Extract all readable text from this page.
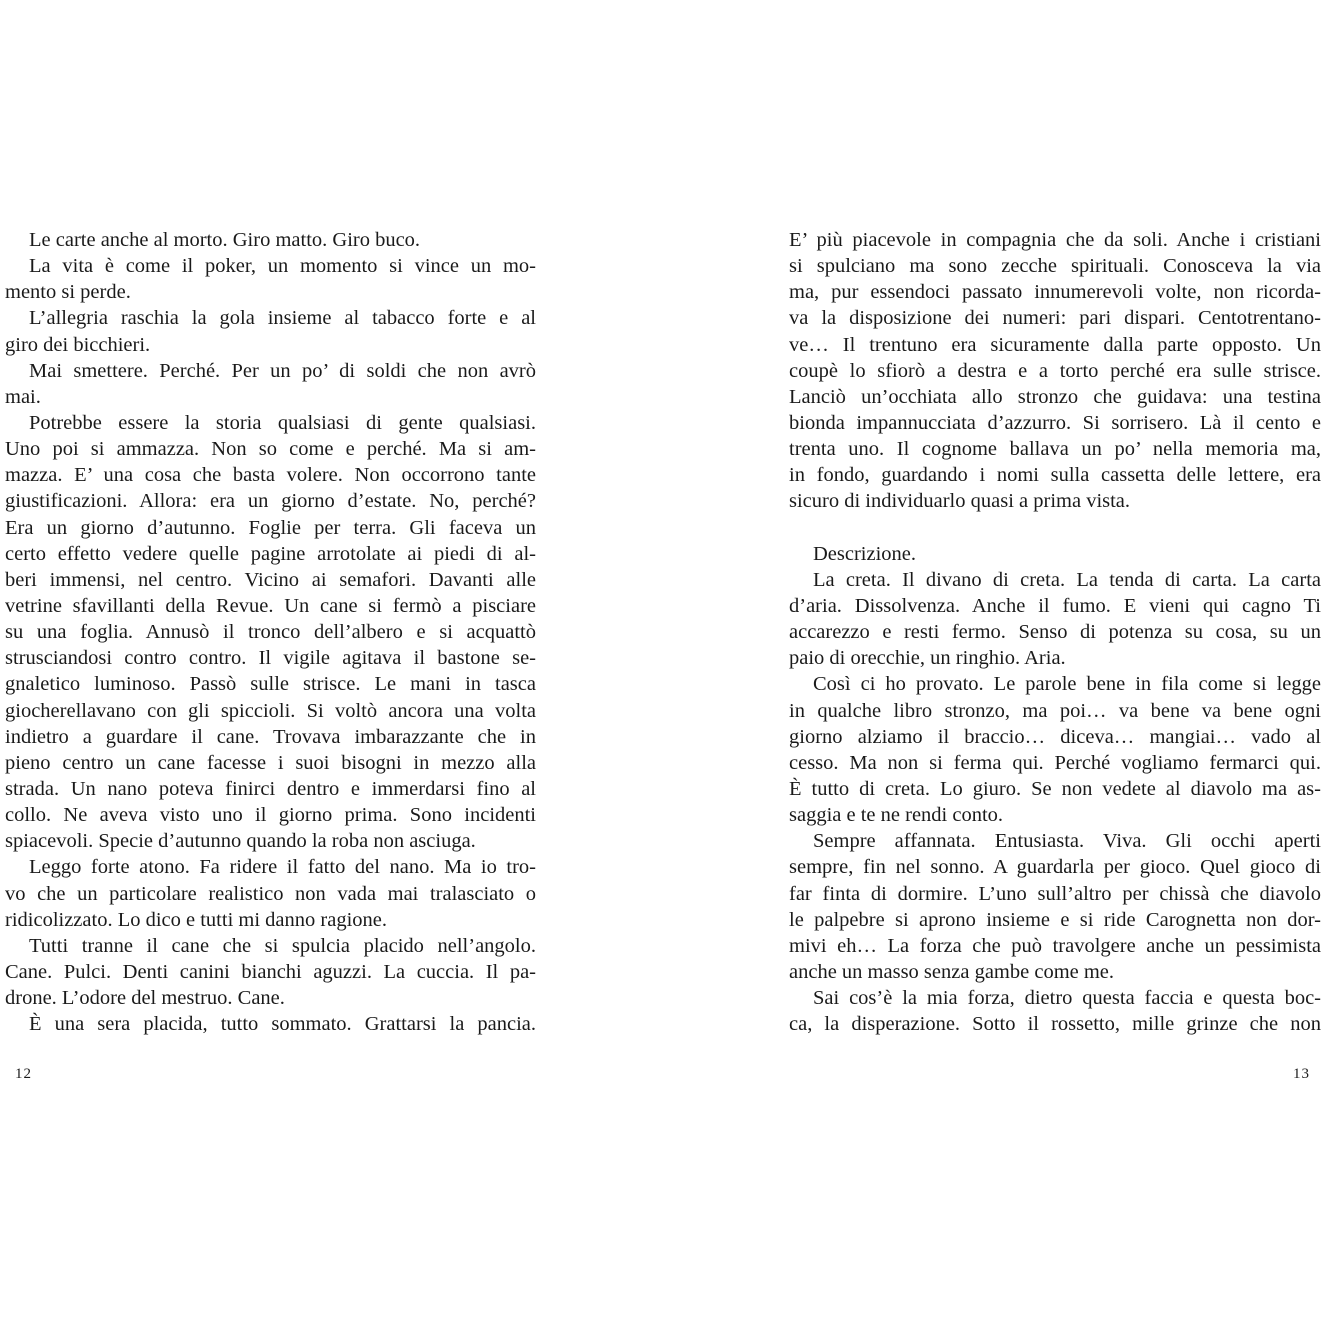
Le carte anche al morto. Giro matto. Giro buco.
La vita è come il poker, un momento si vince un mo-
mento si perde.
L’allegria raschia la gola insieme al tabacco forte e al
giro dei bicchieri.
Mai smettere. Perché. Per un po’ di soldi che non avrò
mai.
Potrebbe essere la storia qualsiasi di gente qualsiasi.
Uno poi si ammazza. Non so come e perché. Ma si am-
mazza. E’ una cosa che basta volere. Non occorrono tante
giustificazioni. Allora: era un giorno d’estate. No, perché?
Era un giorno d’autunno. Foglie per terra. Gli faceva un
certo effetto vedere quelle pagine arrotolate ai piedi di al-
beri immensi, nel centro. Vicino ai semafori. Davanti alle
vetrine sfavillanti della Revue. Un cane si fermò a pisciare
su una foglia. Annusò il tronco dell’albero e si acquattò
strusciandosi contro contro. Il vigile agitava il bastone se-
gnaletico luminoso. Passò sulle strisce. Le mani in tasca
giocherellavano con gli spiccioli. Si voltò ancora una volta
indietro a guardare il cane. Trovava imbarazzante che in
pieno centro un cane facesse i suoi bisogni in mezzo alla
strada. Un nano poteva finirci dentro e immerdarsi fino al
collo. Ne aveva visto uno il giorno prima. Sono incidenti
spiacevoli. Specie d’autunno quando la roba non asciuga.
Leggo forte atono. Fa ridere il fatto del nano. Ma io tro-
vo che un particolare realistico non vada mai tralasciato o
ridicolizzato. Lo dico e tutti mi danno ragione.
Tutti tranne il cane che si spulcia placido nell’angolo.
Cane. Pulci. Denti canini bianchi aguzzi. La cuccia. Il pa-
drone. L’odore del mestruo. Cane.
È una sera placida, tutto sommato. Grattarsi la pancia.
E’ più piacevole in compagnia che da soli. Anche i cristiani
si spulciano ma sono zecche spirituali. Conosceva la via
ma, pur essendoci passato innumerevoli volte, non ricorda-
va la disposizione dei numeri: pari dispari. Centotrentano-
ve… Il trentuno era sicuramente dalla parte opposto. Un
coupè lo sfiorò a destra e a torto perché era sulle strisce.
Lanciò un’occhiata allo stronzo che guidava: una testina
bionda impannucciata d’azzurro. Si sorrisero. Là il cento e
trenta uno. Il cognome ballava un po’ nella memoria ma,
in fondo, guardando i nomi sulla cassetta delle lettere, era
sicuro di individuarlo quasi a prima vista.
Descrizione.
La creta. Il divano di creta. La tenda di carta. La carta
d’aria. Dissolvenza. Anche il fumo. E vieni qui cagno Ti
accarezzo e resti fermo. Senso di potenza su cosa, su un
paio di orecchie, un ringhio. Aria.
Così ci ho provato. Le parole bene in fila come si legge
in qualche libro stronzo, ma poi… va bene va bene ogni
giorno alziamo il braccio… diceva… mangiai… vado al
cesso. Ma non si ferma qui. Perché vogliamo fermarci qui.
È tutto di creta. Lo giuro. Se non vedete al diavolo ma as-
saggia e te ne rendi conto.
Sempre affannata. Entusiasta. Viva. Gli occhi aperti
sempre, fin nel sonno. A guardarla per gioco. Quel gioco di
far finta di dormire. L’uno sull’altro per chissà che diavolo
le palpebre si aprono insieme e si ride Carognetta non dor-
mivi eh… La forza che può travolgere anche un pessimista
anche un masso senza gambe come me.
Sai cos’è la mia forza, dietro questa faccia e questa boc-
ca, la disperazione. Sotto il rossetto, mille grinze che non
12	13
